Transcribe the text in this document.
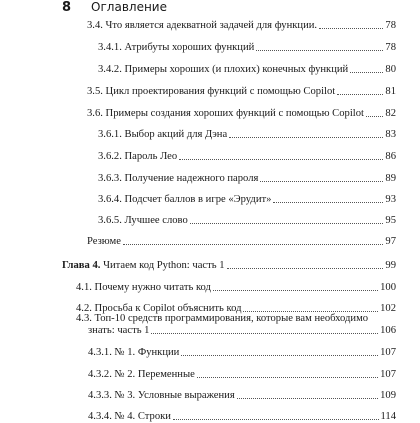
8 Оглавление
3.4. Что является адекватной задачей для функции.	78
3.4.1. Атрибуты хороших функций	78
3.4.2. Примеры хороших (и плохих) конечных функций	80
3.5. Цикл проектирования функций с помощью Copilot	81
3.6. Примеры создания хороших функций с помощью Copilot 82
3.6.1. Выбор акций для Дэна	83
3.6.2. Пароль Лео	86
3.6.3. Получение надежного пароля	89
3.6.4. Подсчет баллов в игре «Эрудит»	93
3.6.5. Лучшее слово	95
Резюме	97
Глава 4. Читаем код Python: часть 1	99
4.1. Почему нужно читать код	100
4.2. Просьба к Copilot объяснить код	102
4.3. Топ-10 средств программирования, которые вам необходимо
знать: часть 1	106
4.3.1. № 1. Функции	107
4.3.2. № 2. Переменные	107
4.3.3. № 3. Условные выражения	109
4.3.4. № 4. Строки	114
